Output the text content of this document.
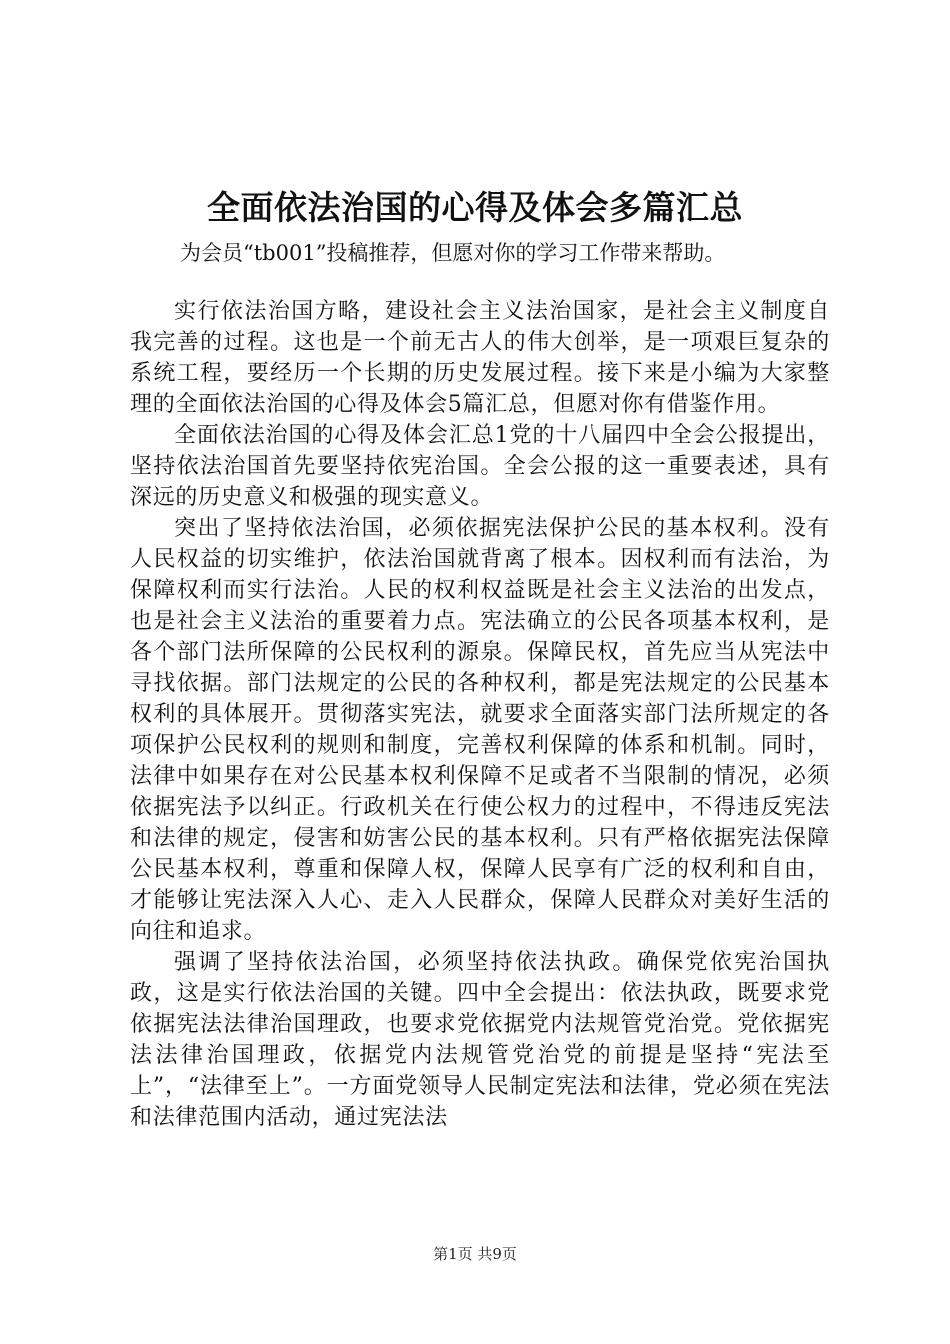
全面依法治国的心得及体会多篇汇总
为会员“tb001”投稿推荐，但愿对你的学习工作带来帮助。

实行依法治国方略，建设社会主义法治国家，是社会主义制度自我完善的过程。这也是一个前无古人的伟大创举，是一项艰巨复杂的系统工程，要经历一个长期的历史发展过程。接下来是小编为大家整理的全面依法治国的心得及体会5篇汇总，但愿对你有借鉴作用。

全面依法治国的心得及体会汇总1党的十八届四中全会公报提出，坚持依法治国首先要坚持依宪治国。全会公报的这一重要表述，具有深远的历史意义和极强的现实意义。

突出了坚持依法治国，必须依据宪法保护公民的基本权利。没有人民权益的切实维护，依法治国就背离了根本。因权利而有法治，为保障权利而实行法治。人民的权利权益既是社会主义法治的出发点，也是社会主义法治的重要着力点。宪法确立的公民各项基本权利，是各个部门法所保障的公民权利的源泉。保障民权，首先应当从宪法中寻找依据。部门法规定的公民的各种权利，都是宪法规定的公民基本权利的具体展开。贯彻落实宪法，就要求全面落实部门法所规定的各项保护公民权利的规则和制度，完善权利保障的体系和机制。同时，法律中如果存在对公民基本权利保障不足或者不当限制的情况，必须依据宪法予以纠正。行政机关在行使公权力的过程中，不得违反宪法和法律的规定，侵害和妨害公民的基本权利。只有严格依据宪法保障公民基本权利，尊重和保障人权，保障人民享有广泛的权利和自由，才能够让宪法深入人心、走入人民群众，保障人民群众对美好生活的向往和追求。

强调了坚持依法治国，必须坚持依法执政。确保党依宪治国执政，这是实行依法治国的关键。四中全会提出：依法执政，既要求党依据宪法法律治国理政，也要求党依据党内法规管党治党。党依据宪法法律治国理政，依据党内法规管党治党的前提是坚持“宪法至上”，“法律至上”。一方面党领导人民制定宪法和法律，党必须在宪法和法律范围内活动，通过宪法法

第1页 共9页
